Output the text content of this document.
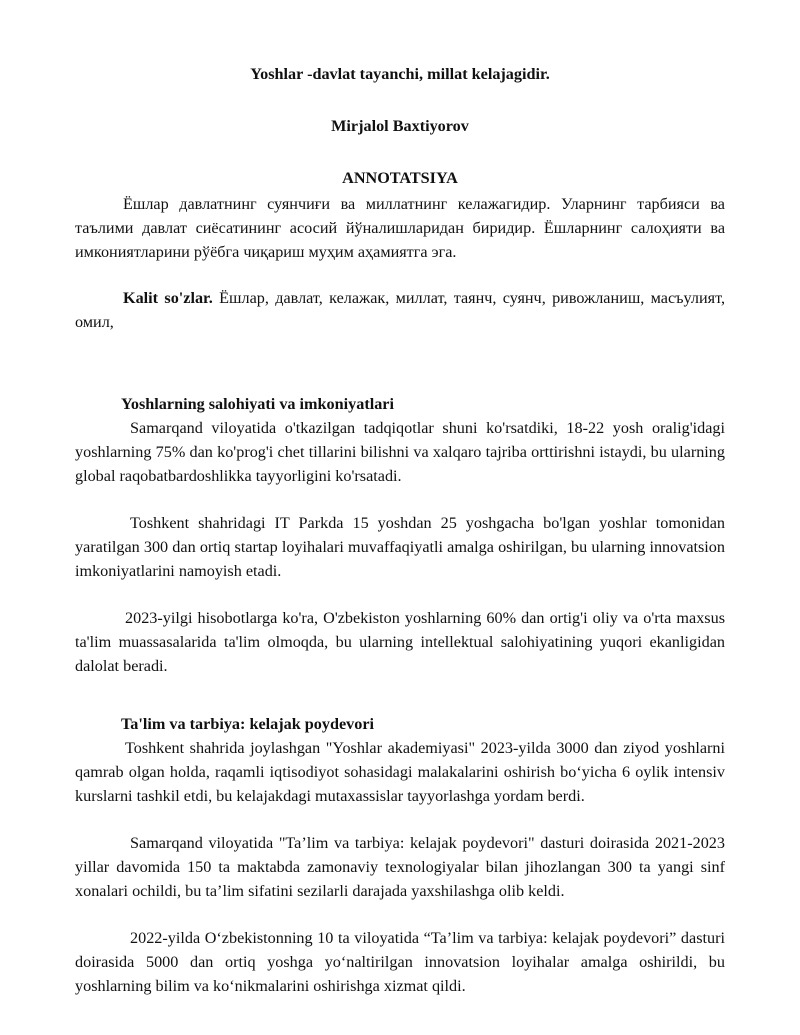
Yoshlar -davlat tayanchi, millat kelajagidir.

Mirjalol Baxtiyorov

ANNOTATSIYA

Ёшлар давлатнинг суянчиғи ва миллатнинг келажагидир. Уларнинг тарбияси ва таълими давлат сиёсатининг асосий йўналишларидан биридир. Ёшларнинг салоҳияти ва имкониятларини рўёбга чиқариш муҳим аҳамиятга эга.

Kalit so'zlar. Ёшлар, давлат, келажак, миллат, таянч, суянч, ривожланиш, масъулият, омил,

Yoshlarning salohiyati va imkoniyatlari

Samarqand viloyatida o'tkazilgan tadqiqotlar shuni ko'rsatdiki, 18-22 yosh oralig'idagi yoshlarning 75% dan ko'prog'i chet tillarini bilishni va xalqaro tajriba orttirishni istaydi, bu ularning global raqobatbardoshlikka tayyorligini ko'rsatadi.

Toshkent shahridagi IT Parkda 15 yoshdan 25 yoshgacha bo'lgan yoshlar tomonidan yaratilgan 300 dan ortiq startap loyihalari muvaffaqiyatli amalga oshirilgan, bu ularning innovatsion imkoniyatlarini namoyish etadi.

2023-yilgi hisobotlarga ko'ra, O'zbekiston yoshlarning 60% dan ortig'i oliy va o'rta maxsus ta'lim muassasalarida ta'lim olmoqda, bu ularning intellektual salohiyatining yuqori ekanligidan dalolat beradi.

Ta'lim va tarbiya: kelajak poydevori

Toshkent shahrida joylashgan "Yoshlar akademiyasi" 2023-yilda 3000 dan ziyod yoshlarni qamrab olgan holda, raqamli iqtisodiyot sohasidagi malakalarini oshirish bo‘yicha 6 oylik intensiv kurslarni tashkil etdi, bu kelajakdagi mutaxassislar tayyorlashga yordam berdi.

Samarqand viloyatida "Ta’lim va tarbiya: kelajak poydevori" dasturi doirasida 2021-2023 yillar davomida 150 ta maktabda zamonaviy texnologiyalar bilan jihozlangan 300 ta yangi sinf xonalari ochildi, bu ta’lim sifatini sezilarli darajada yaxshilashga olib keldi.

2022-yilda O‘zbekistonning 10 ta viloyatida “Ta’lim va tarbiya: kelajak poydevori” dasturi doirasida 5000 dan ortiq yoshga yo‘naltirilgan innovatsion loyihalar amalga oshirildi, bu yoshlarning bilim va ko‘nikmalarini oshirishga xizmat qildi.
